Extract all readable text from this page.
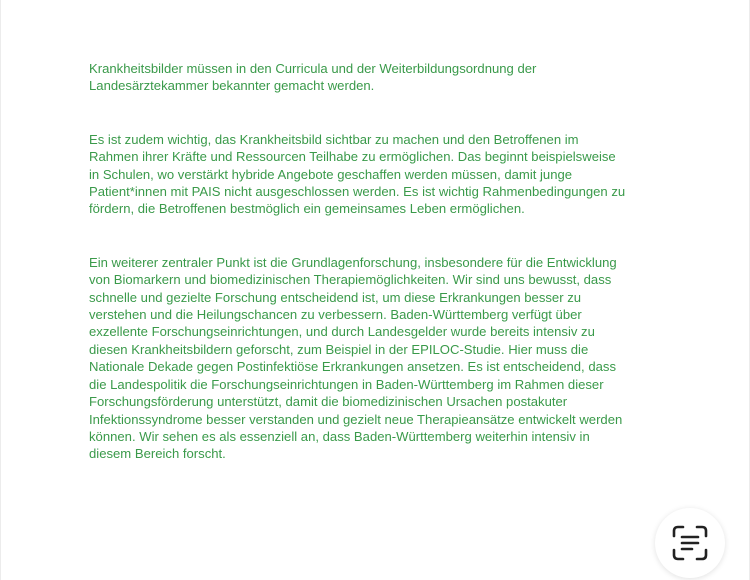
Krankheitsbilder müssen in den Curricula und der Weiterbildungsordnung der
Landesärztekammer bekannter gemacht werden.

Es ist zudem wichtig, das Krankheitsbild sichtbar zu machen und den Betroffenen im
Rahmen ihrer Kräfte und Ressourcen Teilhabe zu ermöglichen. Das beginnt beispielsweise
in Schulen, wo verstärkt hybride Angebote geschaffen werden müssen, damit junge
Patient*innen mit PAIS nicht ausgeschlossen werden. Es ist wichtig Rahmenbedingungen zu
fördern, die Betroffenen bestmöglich ein gemeinsames Leben ermöglichen.

Ein weiterer zentraler Punkt ist die Grundlagenforschung, insbesondere für die Entwicklung
von Biomarkern und biomedizinischen Therapiemöglichkeiten. Wir sind uns bewusst, dass
schnelle und gezielte Forschung entscheidend ist, um diese Erkrankungen besser zu
verstehen und die Heilungschancen zu verbessern. Baden-Württemberg verfügt über
exzellente Forschungseinrichtungen, und durch Landesgelder wurde bereits intensiv zu
diesen Krankheitsbildern geforscht, zum Beispiel in der EPILOC-Studie. Hier muss die
Nationale Dekade gegen Postinfektiöse Erkrankungen ansetzen. Es ist entscheidend, dass
die Landespolitik die Forschungseinrichtungen in Baden-Württemberg im Rahmen dieser
Forschungsförderung unterstützt, damit die biomedizinischen Ursachen postakuter
Infektionssyndrome besser verstanden und gezielt neue Therapieansätze entwickelt werden
können. Wir sehen es als essenziell an, dass Baden-Württemberg weiterhin intensiv in
diesem Bereich forscht.
